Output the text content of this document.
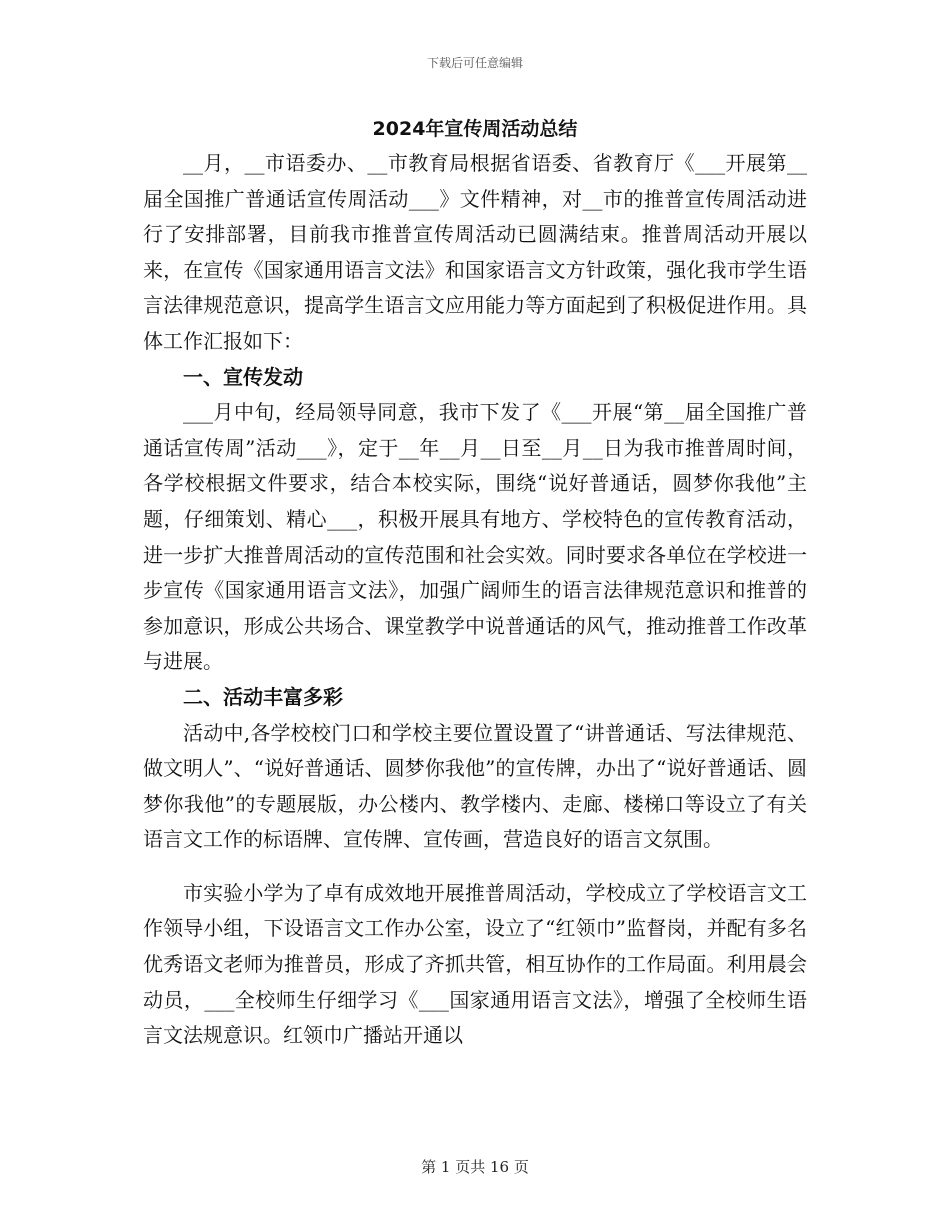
下载后可任意编辑
2024年宣传周活动总结

__月，__市语委办、__市教育局根据省语委、省教育厅《___开展第__届全国推广普通话宣传周活动___》文件精神，对__市的推普宣传周活动进行了安排部署，目前我市推普宣传周活动已圆满结束。推普周活动开展以来，在宣传《国家通用语言文法》和国家语言文方针政策，强化我市学生语言法律规范意识，提高学生语言文应用能力等方面起到了积极促进作用。具体工作汇报如下：

一、宣传发动

___月中旬，经局领导同意，我市下发了《___开展“第__届全国推广普通话宣传周”活动___》，定于__年__月__日至__月__日为我市推普周时间，各学校根据文件要求，结合本校实际，围绕“说好普通话，圆梦你我他”主题，仔细策划、精心___，积极开展具有地方、学校特色的宣传教育活动，进一步扩大推普周活动的宣传范围和社会实效。同时要求各单位在学校进一步宣传《国家通用语言文法》，加强广阔师生的语言法律规范意识和推普的参加意识，形成公共场合、课堂教学中说普通话的风气，推动推普工作改革与进展。

二、活动丰富多彩

活动中,各学校校门口和学校主要位置设置了“讲普通话、写法律规范、做文明人”、“说好普通话、圆梦你我他”的宣传牌，办出了“说好普通话、圆梦你我他”的专题展版，办公楼内、教学楼内、走廊、楼梯口等设立了有关语言文工作的标语牌、宣传牌、宣传画，营造良好的语言文氛围。

市实验小学为了卓有成效地开展推普周活动，学校成立了学校语言文工作领导小组，下设语言文工作办公室，设立了“红领巾”监督岗，并配有多名优秀语文老师为推普员，形成了齐抓共管，相互协作的工作局面。利用晨会动员，___全校师生仔细学习《___国家通用语言文法》，增强了全校师生语言文法规意识。红领巾广播站开通以

第 1 页共 16 页
